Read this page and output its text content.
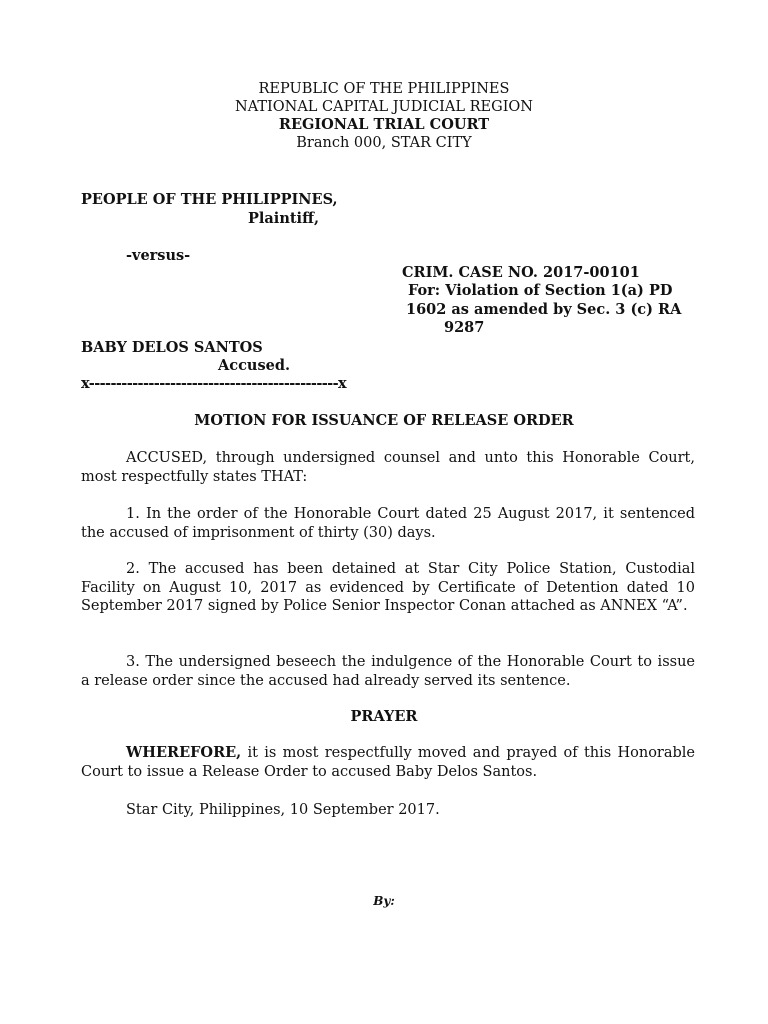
REPUBLIC OF THE PHILIPPINES
NATIONAL CAPITAL JUDICIAL REGION
REGIONAL TRIAL COURT
Branch 000, STAR CITY
PEOPLE OF THE PHILIPPINES,
Plaintiff,
-versus-
CRIM. CASE NO. 2017-00101
For: Violation of Section 1(a) PD
1602 as amended by Sec. 3 (c) RA
9287
BABY DELOS SANTOS
Accused.
x----------------------------------------------x
MOTION FOR ISSUANCE OF RELEASE ORDER
ACCUSED, through undersigned counsel and unto this Honorable Court, most respectfully states THAT:
1. In the order of the Honorable Court dated 25 August 2017, it sentenced the accused of imprisonment of thirty (30) days.
2. The accused has been detained at Star City Police Station, Custodial Facility on August 10, 2017 as evidenced by Certificate of Detention dated 10 September 2017 signed by Police Senior Inspector Conan attached as ANNEX “A”.
3. The undersigned beseech the indulgence of the Honorable Court to issue a release order since the accused had already served its sentence.
PRAYER
WHEREFORE, it is most respectfully moved and prayed of this Honorable Court to issue a Release Order to accused Baby Delos Santos.
Star City, Philippines, 10 September 2017.
By:
